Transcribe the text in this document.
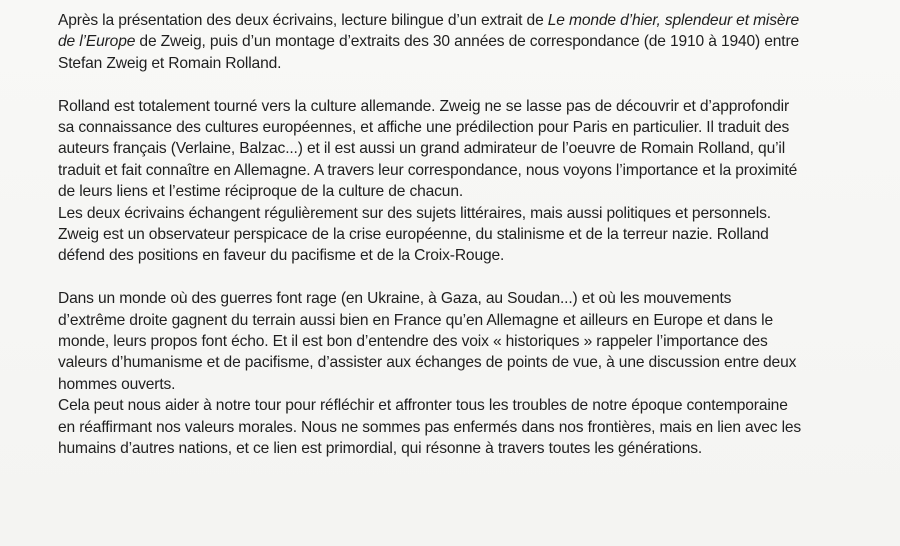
Après la présentation des deux écrivains, lecture bilingue d’un extrait de Le monde d’hier, splendeur et misère
de l’Europe de Zweig, puis d’un montage d’extraits des 30 années de correspondance (de 1910 à 1940) entre
Stefan Zweig et Romain Rolland.

Rolland est totalement tourné vers la culture allemande. Zweig ne se lasse pas de découvrir et d’approfondir
sa connaissance des cultures européennes, et affiche une prédilection pour Paris en particulier. Il traduit des
auteurs français (Verlaine, Balzac...) et il est aussi un grand admirateur de l’oeuvre de Romain Rolland, qu’il
traduit et fait connaître en Allemagne. A travers leur correspondance, nous voyons l’importance et la proximité
de leurs liens et l’estime réciproque de la culture de chacun.

Les deux écrivains échangent régulièrement sur des sujets littéraires, mais aussi politiques et personnels.
Zweig est un observateur perspicace de la crise européenne, du stalinisme et de la terreur nazie. Rolland
défend des positions en faveur du pacifisme et de la Croix-Rouge.

Dans un monde où des guerres font rage (en Ukraine, à Gaza, au Soudan...) et où les mouvements
d’extrême droite gagnent du terrain aussi bien en France qu’en Allemagne et ailleurs en Europe et dans le
monde, leurs propos font écho. Et il est bon d’entendre des voix « historiques » rappeler l’importance des
valeurs d’humanisme et de pacifisme, d’assister aux échanges de points de vue, à une discussion entre deux
hommes ouverts.

Cela peut nous aider à notre tour pour réfléchir et affronter tous les troubles de notre époque contemporaine
en réaffirmant nos valeurs morales. Nous ne sommes pas enfermés dans nos frontières, mais en lien avec les
humains d’autres nations, et ce lien est primordial, qui résonne à travers toutes les générations.
